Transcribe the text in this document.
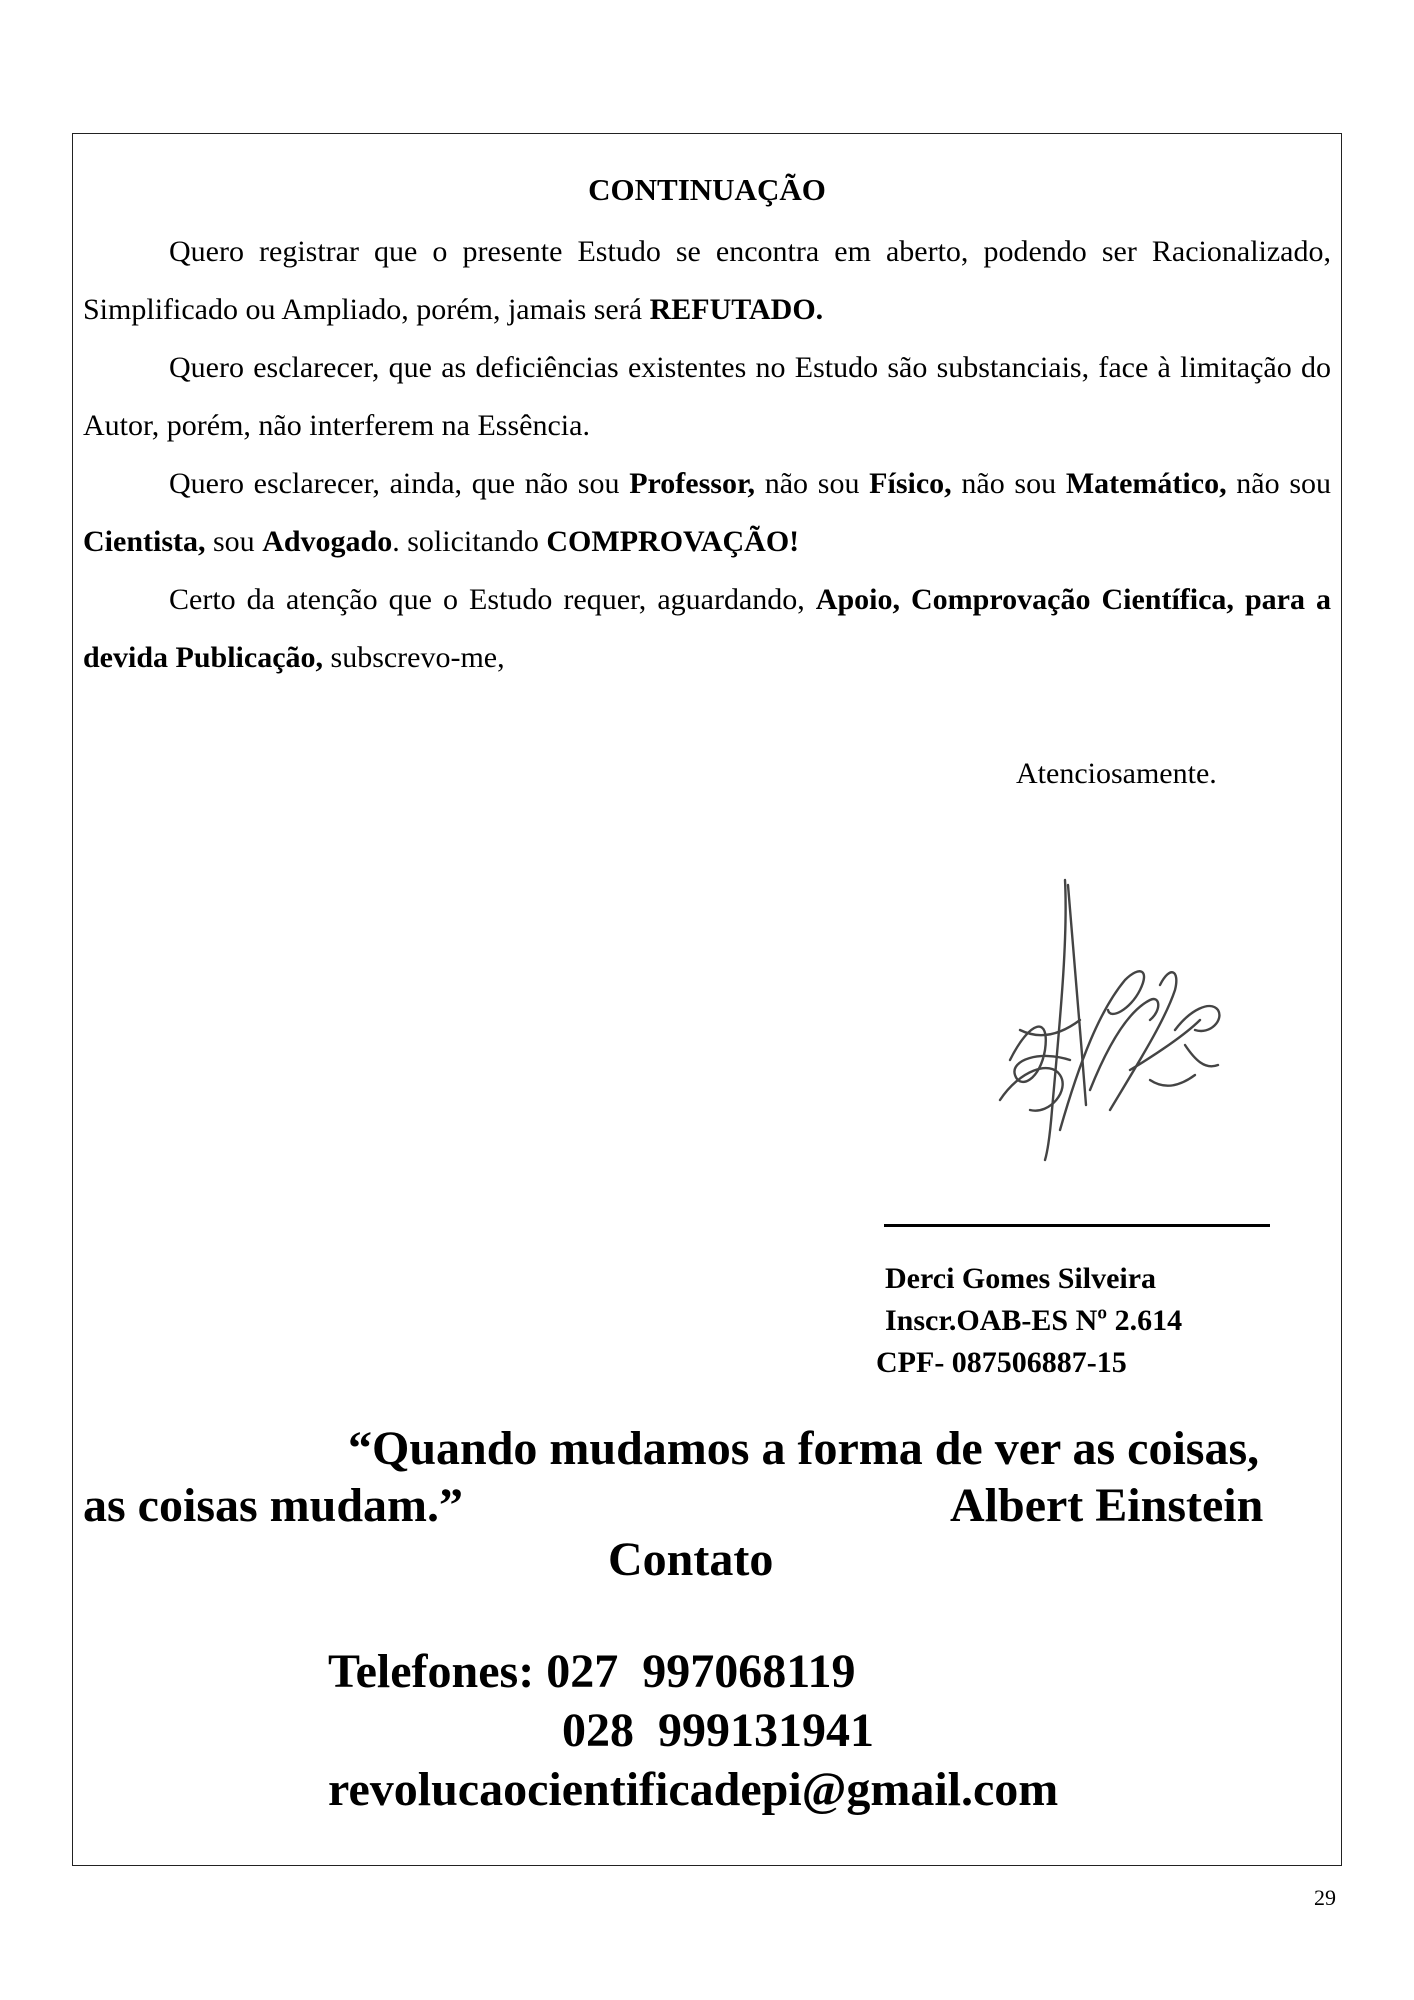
CONTINUAÇÃO

Quero registrar que o presente Estudo se encontra em aberto, podendo ser Racionalizado, Simplificado ou Ampliado, porém, jamais será REFUTADO.

Quero esclarecer, que as deficiências existentes no Estudo são substanciais, face à limitação do Autor, porém, não interferem na Essência.

Quero esclarecer, ainda, que não sou Professor, não sou Físico, não sou Matemático, não sou Cientista, sou Advogado. solicitando COMPROVAÇÃO!

Certo da atenção que o Estudo requer, aguardando, Apoio, Comprovação Científica, para a devida Publicação, subscrevo-me,

Atenciosamente.
Derci Gomes Silveira
Inscr.OAB-ES Nº 2.614
CPF- 087506887-15
“Quando mudamos a forma de ver as coisas,
as coisas mudam.”	Albert Einstein
Contato
Telefones: 027  997068119
028  999131941
revolucaocientificadepi@gmail.com
29
